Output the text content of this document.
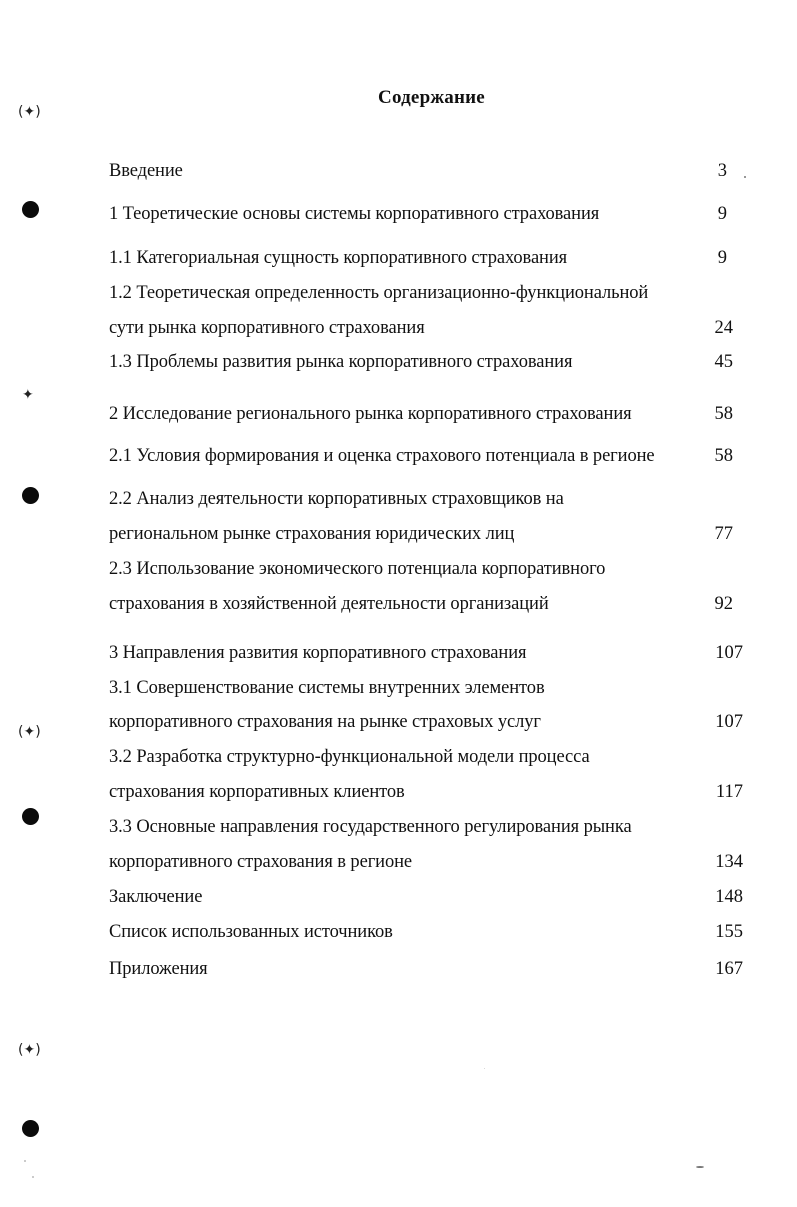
Содержание
Введение	3
1 Теоретические основы системы корпоративного страхования	9
1.1 Категориальная сущность корпоративного страхования	9
1.2 Теоретическая определенность организационно-функциональной
сути рынка корпоративного страхования	24
1.3 Проблемы развития рынка корпоративного страхования	45
2 Исследование регионального рынка корпоративного страхования	58
2.1 Условия формирования и оценка страхового потенциала в регионе	58
2.2 Анализ деятельности корпоративных страховщиков на
региональном рынке страхования юридических лиц	77
2.3 Использование экономического потенциала корпоративного
страхования в хозяйственной деятельности организаций	92
3 Направления развития корпоративного страхования	107
3.1 Совершенствование системы внутренних элементов
корпоративного страхования на рынке страховых услуг	107
3.2 Разработка структурно-функциональной модели процесса
страхования корпоративных клиентов	117
3.3 Основные направления государственного регулирования рынка
корпоративного страхования в регионе	134
Заключение	148
Список использованных источников	155
Приложения	167
(✦)
✦
(✦)
(✦)
